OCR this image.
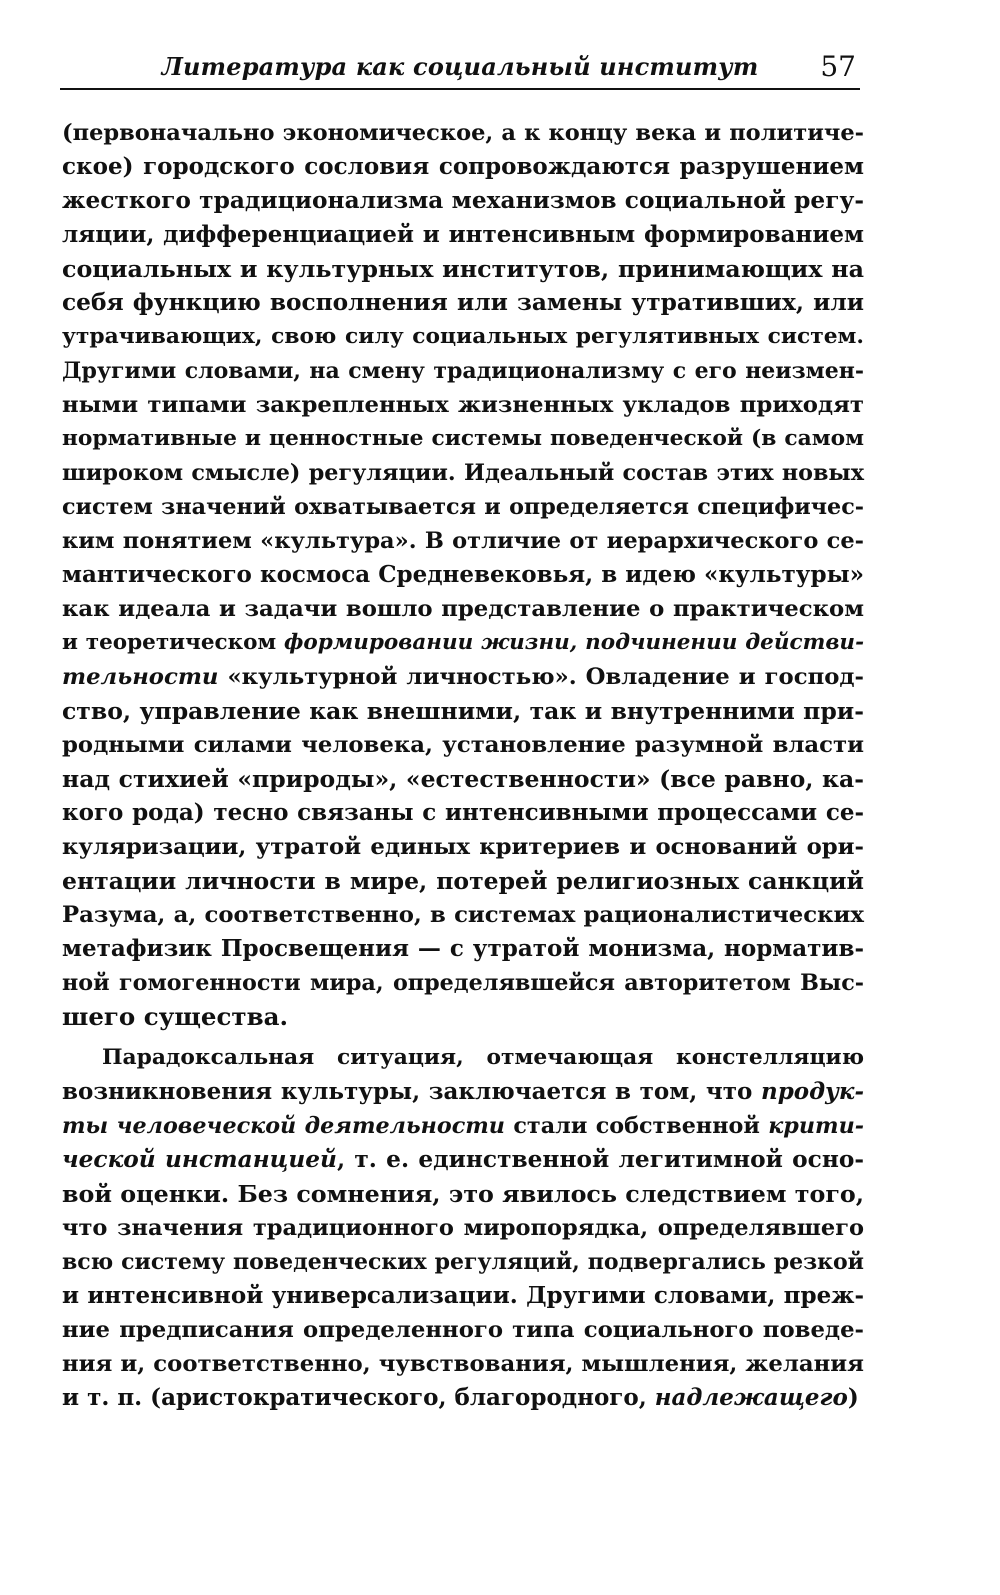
Литература как социальный институт	57

(первоначально экономическое, а к концу века и политиче-
ское) городского сословия сопровождаются разрушением
жесткого традиционализма механизмов социальной регу-
ляции, дифференциацией и интенсивным формированием
социальных и культурных институтов, принимающих на
себя функцию восполнения или замены утративших, или
утрачивающих, свою силу социальных регулятивных систем.
Другими словами, на смену традиционализму с его неизмен-
ными типами закрепленных жизненных укладов приходят
нормативные и ценностные системы поведенческой (в самом
широком смысле) регуляции. Идеальный состав этих новых
систем значений охватывается и определяется специфичес-
ким понятием «культура». В отличие от иерархического се-
мантического космоса Средневековья, в идею «культуры»
как идеала и задачи вошло представление о практическом
и теоретическом формировании жизни, подчинении действи-
тельности «культурной личностью». Овладение и господ-
ство, управление как внешними, так и внутренними при-
родными силами человека, установление разумной власти
над стихией «природы», «естественности» (все равно, ка-
кого рода) тесно связаны с интенсивными процессами се-
куляризации, утратой единых критериев и оснований ори-
ентации личности в мире, потерей религиозных санкций
Разума, а, соответственно, в системах рационалистических
метафизик Просвещения — с утратой монизма, норматив-
ной гомогенности мира, определявшейся авторитетом Выс-
шего существа.

Парадоксальная ситуация, отмечающая констелляцию
возникновения культуры, заключается в том, что продук-
ты человеческой деятельности стали собственной крити-
ческой инстанцией, т. е. единственной легитимной осно-
вой оценки. Без сомнения, это явилось следствием того,
что значения традиционного миропорядка, определявшего
всю систему поведенческих регуляций, подвергались резкой
и интенсивной универсализации. Другими словами, преж-
ние предписания определенного типа социального поведе-
ния и, соответственно, чувствования, мышления, желания
и т. п. (аристократического, благородного, надлежащего)
